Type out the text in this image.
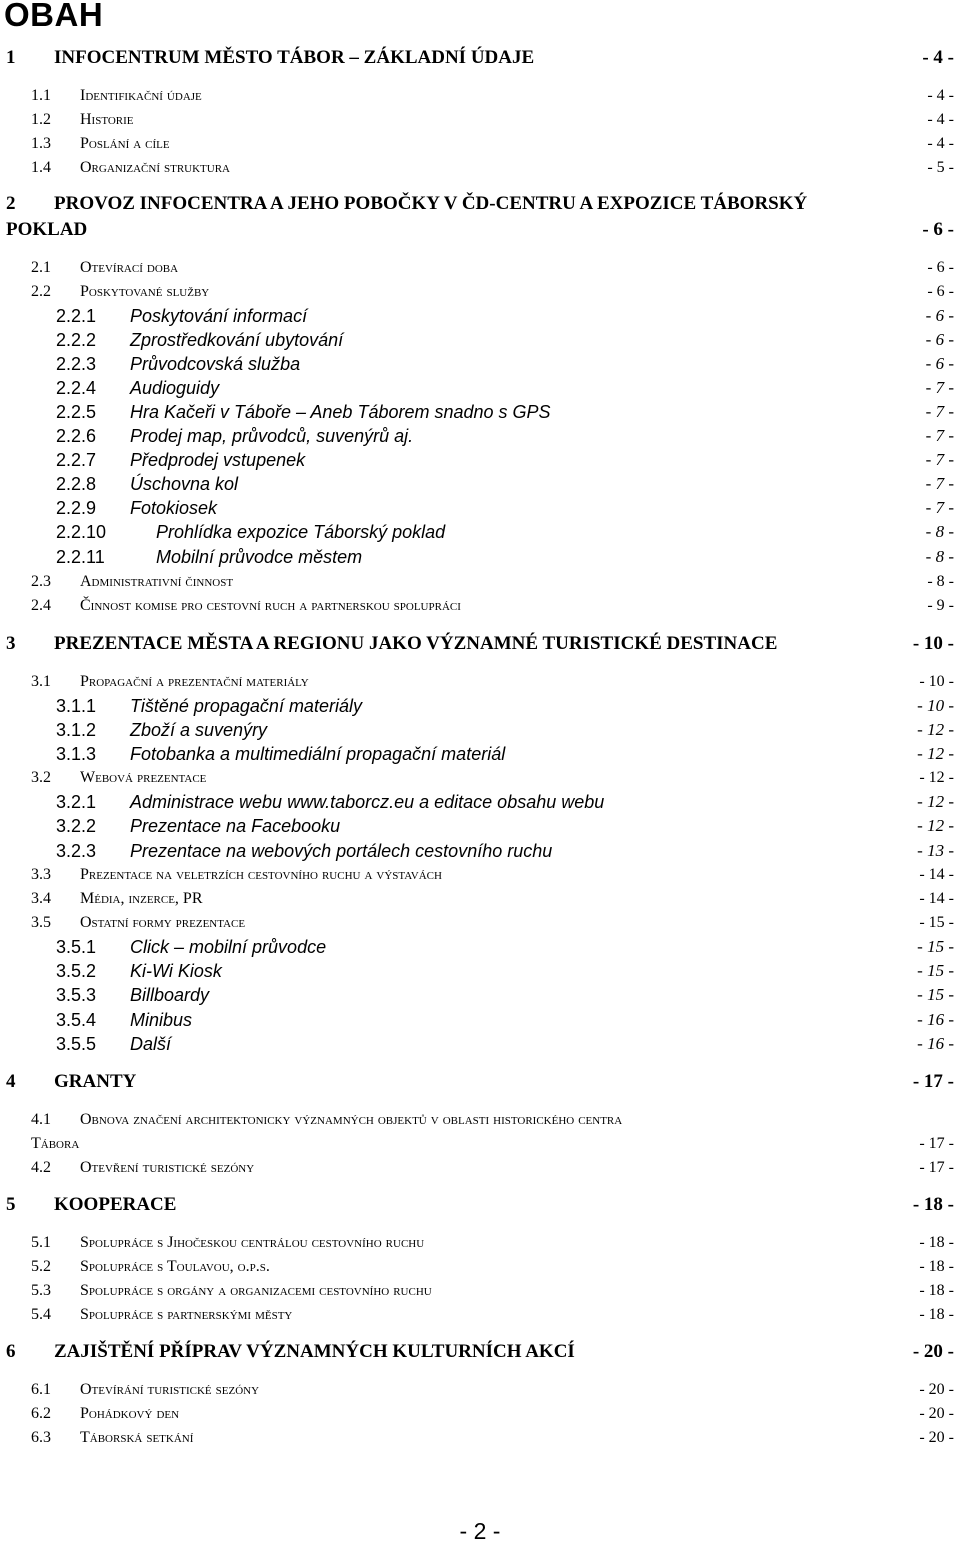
OBAH
1 INFOCENTRUM MĚSTO TÁBOR – ZÁKLADNÍ ÚDAJE	- 4 -
1.1 Identifikační údaje	- 4 -
1.2 Historie	- 4 -
1.3 Poslání a cíle	- 4 -
1.4 Organizační struktura	- 5 -
2 PROVOZ INFOCENTRA A JEHO POBOČKY V ČD-CENTRU A EXPOZICE TÁBORSKÝ
POKLAD	- 6 -
2.1 Otevírací doba	- 6 -
2.2 Poskytované služby	- 6 -
2.2.1 Poskytování informací	- 6 -
2.2.2 Zprostředkování ubytování	- 6 -
2.2.3 Průvodcovská služba	- 6 -
2.2.4 Audioguidy	- 7 -
2.2.5 Hra Kačeři v Táboře – Aneb Táborem snadno s GPS	- 7 -
2.2.6 Prodej map, průvodců, suvenýrů aj.	- 7 -
2.2.7 Předprodej vstupenek	- 7 -
2.2.8 Úschovna kol	- 7 -
2.2.9 Fotokiosek	- 7 -
2.2.10	Prohlídka expozice Táborský poklad	- 8 -
2.2.11	Mobilní průvodce městem	- 8 -
2.3 Administrativní činnost	- 8 -
2.4 Činnost komise pro cestovní ruch a partnerskou spolupráci	- 9 -
3 PREZENTACE MĚSTA A REGIONU JAKO VÝZNAMNÉ TURISTICKÉ DESTINACE	- 10 -
3.1 Propagační a prezentační materiály	- 10 -
3.1.1 Tištěné propagační materiály	- 10 -
3.1.2 Zboží a suvenýry	- 12 -
3.1.3 Fotobanka a multimediální propagační materiál	- 12 -
3.2 Webová prezentace	- 12 -
3.2.1 Administrace webu www.taborcz.eu a editace obsahu webu	- 12 -
3.2.2 Prezentace na Facebooku	- 12 -
3.2.3 Prezentace na webových portálech cestovního ruchu	- 13 -
3.3 Prezentace na veletrzích cestovního ruchu a výstavách	- 14 -
3.4 Média, inzerce, PR	- 14 -
3.5 Ostatní formy prezentace	- 15 -
3.5.1 Click – mobilní průvodce	- 15 -
3.5.2 Ki-Wi Kiosk	- 15 -
3.5.3 Billboardy	- 15 -
3.5.4 Minibus	- 16 -
3.5.5 Další	- 16 -
4 GRANTY	- 17 -
4.1 Obnova značení architektonicky významných objektů v oblasti historického centra
Tábora	- 17 -
4.2 Otevření turistické sezóny	- 17 -
5 KOOPERACE	- 18 -
5.1 Spolupráce s Jihočeskou centrálou cestovního ruchu	- 18 -
5.2 Spolupráce s Toulavou, o.p.s.	- 18 -
5.3 Spolupráce s orgány a organizacemi cestovního ruchu	- 18 -
5.4 Spolupráce s partnerskými městy	- 18 -
6 ZAJIŠTĚNÍ PŘÍPRAV VÝZNAMNÝCH KULTURNÍCH AKCÍ	- 20 -
6.1 Otevírání turistické sezóny	- 20 -
6.2 Pohádkový den	- 20 -
6.3 Táborská setkání	- 20 -
- 2 -
